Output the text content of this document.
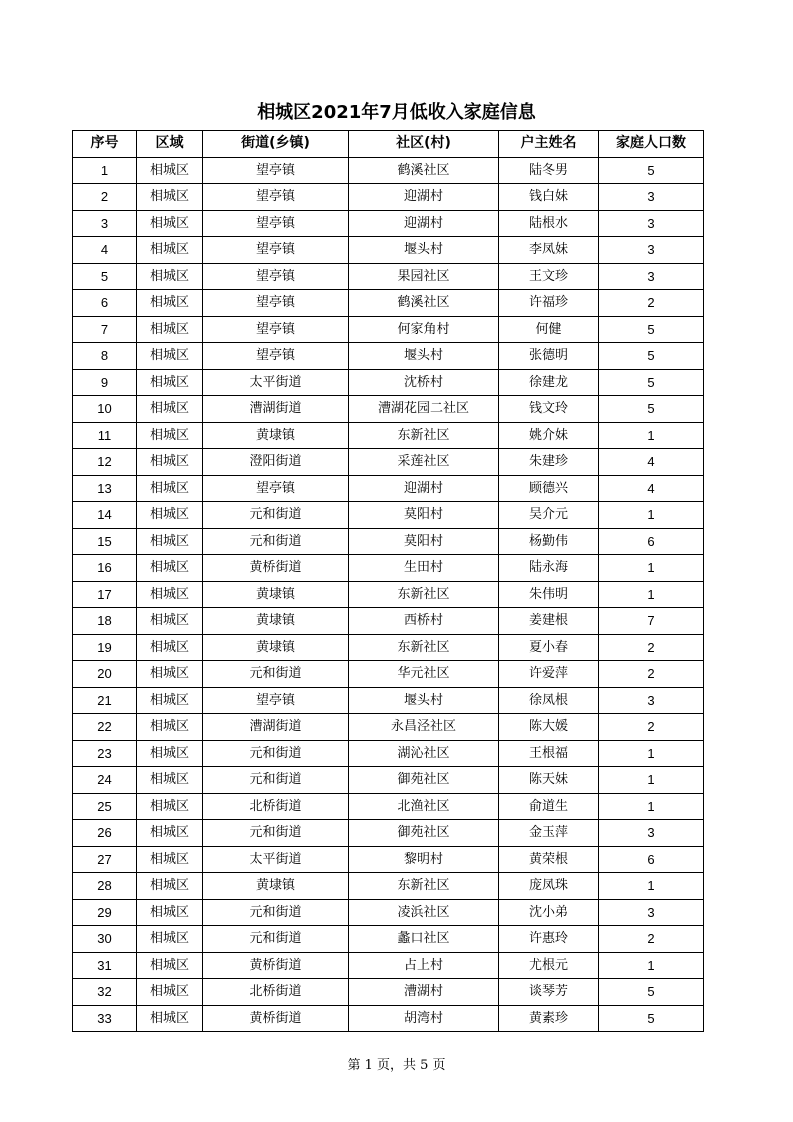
相城区2021年7月低收入家庭信息
序号	区域	街道(乡镇)	社区(村)	户主姓名	家庭人口数
1	相城区	望亭镇	鹤溪社区	陆冬男	5
2	相城区	望亭镇	迎湖村	钱白妹	3
3	相城区	望亭镇	迎湖村	陆根水	3
4	相城区	望亭镇	堰头村	李凤妹	3
5	相城区	望亭镇	果园社区	王文珍	3
6	相城区	望亭镇	鹤溪社区	许福珍	2
7	相城区	望亭镇	何家角村	何健	5
8	相城区	望亭镇	堰头村	张德明	5
9	相城区	太平街道	沈桥村	徐建龙	5
10	相城区	漕湖街道	漕湖花园二社区	钱文玲	5
11	相城区	黄埭镇	东新社区	姚介妹	1
12	相城区	澄阳街道	采莲社区	朱建珍	4
13	相城区	望亭镇	迎湖村	顾德兴	4
14	相城区	元和街道	莫阳村	吴介元	1
15	相城区	元和街道	莫阳村	杨勤伟	6
16	相城区	黄桥街道	生田村	陆永海	1
17	相城区	黄埭镇	东新社区	朱伟明	1
18	相城区	黄埭镇	西桥村	姜建根	7
19	相城区	黄埭镇	东新社区	夏小春	2
20	相城区	元和街道	华元社区	许爱萍	2
21	相城区	望亭镇	堰头村	徐凤根	3
22	相城区	漕湖街道	永昌泾社区	陈大媛	2
23	相城区	元和街道	湖沁社区	王根福	1
24	相城区	元和街道	御苑社区	陈天妹	1
25	相城区	北桥街道	北渔社区	俞道生	1
26	相城区	元和街道	御苑社区	金玉萍	3
27	相城区	太平街道	黎明村	黄荣根	6
28	相城区	黄埭镇	东新社区	庞凤珠	1
29	相城区	元和街道	凌浜社区	沈小弟	3
30	相城区	元和街道	蠡口社区	许惠玲	2
31	相城区	黄桥街道	占上村	尤根元	1
32	相城区	北桥街道	漕湖村	谈琴芳	5
33	相城区	黄桥街道	胡湾村	黄素珍	5
第 1 页，共 5 页
